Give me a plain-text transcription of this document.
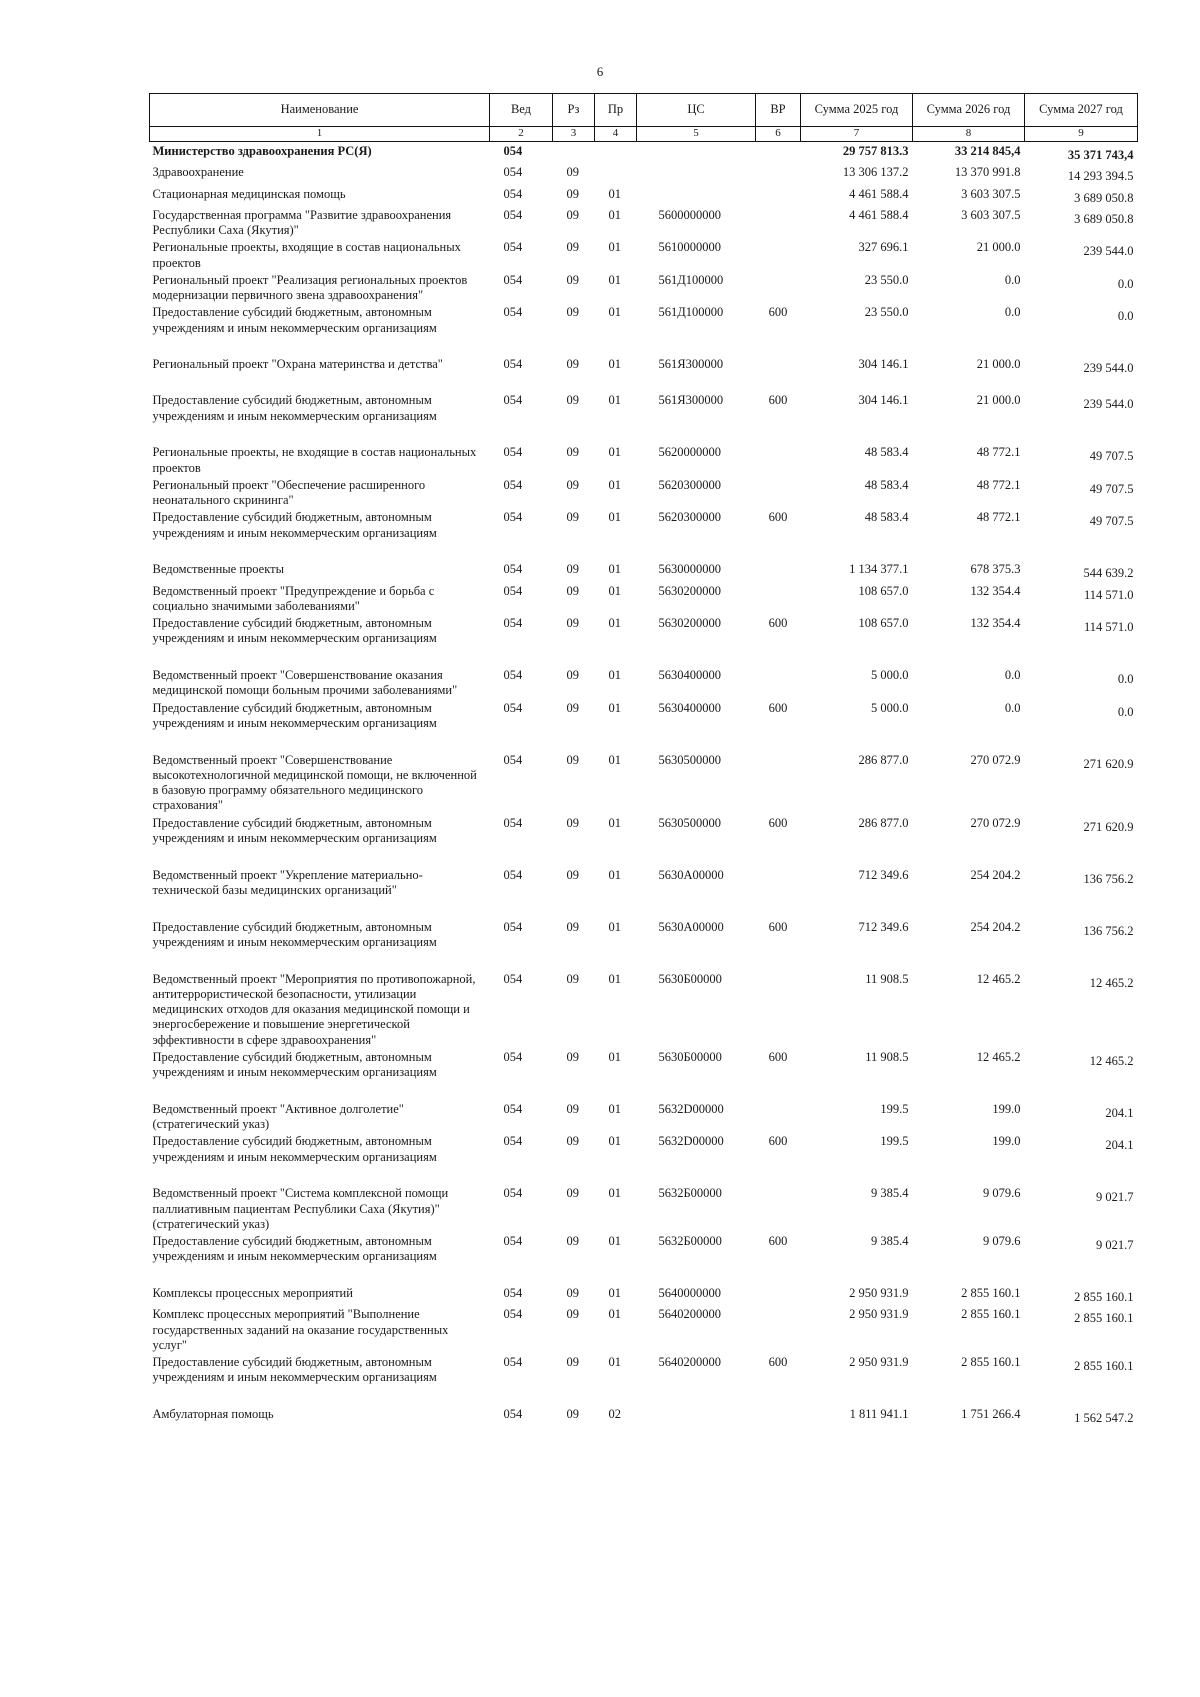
6
Наименование	Вед	Рз	Пр	ЦС	ВР	Сумма 2025 год	Сумма 2026 год	Сумма 2027 год
1	2	3	4	5	6	7	8	9
Министерство здравоохранения РС(Я)	054					29 757 813.3	33 214 845,4	35 371 743,4
Здравоохранение	054	09				13 306 137.2	13 370 991.8	14 293 394.5
Стационарная медицинская помощь	054	09	01			4 461 588.4	3 603 307.5	3 689 050.8
Государственная программа "Развитие здравоохранения Республики Саха (Якутия)"	054	09	01	5600000000		4 461 588.4	3 603 307.5	3 689 050.8
Региональные проекты, входящие в состав национальных проектов	054	09	01	5610000000		327 696.1	21 000.0	239 544.0
Региональный проект "Реализация региональных проектов модернизации первичного звена здравоохранения"	054	09	01	561Д100000		23 550.0	0.0	0.0
Предоставление субсидий бюджетным, автономным учреждениям и иным некоммерческим организациям	054	09	01	561Д100000	600	23 550.0	0.0	0.0
Региональный проект "Охрана материнства и детства"	054	09	01	561Я300000		304 146.1	21 000.0	239 544.0
Предоставление субсидий бюджетным, автономным учреждениям и иным некоммерческим организациям	054	09	01	561Я300000	600	304 146.1	21 000.0	239 544.0
Региональные проекты, не входящие в состав национальных проектов	054	09	01	5620000000		48 583.4	48 772.1	49 707.5
Региональный проект "Обеспечение расширенного неонатального скрининга"	054	09	01	5620300000		48 583.4	48 772.1	49 707.5
Предоставление субсидий бюджетным, автономным учреждениям и иным некоммерческим организациям	054	09	01	5620300000	600	48 583.4	48 772.1	49 707.5
Ведомственные проекты	054	09	01	5630000000		1 134 377.1	678 375.3	544 639.2
Ведомственный проект "Предупреждение и борьба с социально значимыми заболеваниями"	054	09	01	5630200000		108 657.0	132 354.4	114 571.0
Предоставление субсидий бюджетным, автономным учреждениям и иным некоммерческим организациям	054	09	01	5630200000	600	108 657.0	132 354.4	114 571.0
Ведомственный проект "Совершенствование оказания медицинской помощи больным прочими заболеваниями"	054	09	01	5630400000		5 000.0	0.0	0.0
Предоставление субсидий бюджетным, автономным учреждениям и иным некоммерческим организациям	054	09	01	5630400000	600	5 000.0	0.0	0.0
Ведомственный проект "Совершенствование высокотехнологичной медицинской помощи, не включенной в базовую программу обязательного медицинского страхования"	054	09	01	5630500000		286 877.0	270 072.9	271 620.9
Предоставление субсидий бюджетным, автономным учреждениям и иным некоммерческим организациям	054	09	01	5630500000	600	286 877.0	270 072.9	271 620.9
Ведомственный проект "Укрепление материально-технической базы медицинских организаций"	054	09	01	5630А00000		712 349.6	254 204.2	136 756.2
Предоставление субсидий бюджетным, автономным учреждениям и иным некоммерческим организациям	054	09	01	5630А00000	600	712 349.6	254 204.2	136 756.2
Ведомственный проект "Мероприятия по противопожарной, антитеррористической безопасности, утилизации медицинских отходов для оказания медицинской помощи и энергосбережение и повышение энергетической эффективности в сфере здравоохранения"	054	09	01	5630Б00000		11 908.5	12 465.2	12 465.2
Предоставление субсидий бюджетным, автономным учреждениям и иным некоммерческим организациям	054	09	01	5630Б00000	600	11 908.5	12 465.2	12 465.2
Ведомственный проект "Активное долголетие" (стратегический указ)	054	09	01	5632D00000		199.5	199.0	204.1
Предоставление субсидий бюджетным, автономным учреждениям и иным некоммерческим организациям	054	09	01	5632D00000	600	199.5	199.0	204.1
Ведомственный проект "Система комплексной помощи паллиативным пациентам Республики Саха (Якутия)" (стратегический указ)	054	09	01	5632Б00000		9 385.4	9 079.6	9 021.7
Предоставление субсидий бюджетным, автономным учреждениям и иным некоммерческим организациям	054	09	01	5632Б00000	600	9 385.4	9 079.6	9 021.7
Комплексы процессных мероприятий	054	09	01	5640000000		2 950 931.9	2 855 160.1	2 855 160.1
Комплекс процессных мероприятий "Выполнение государственных заданий на оказание государственных услуг"	054	09	01	5640200000		2 950 931.9	2 855 160.1	2 855 160.1
Предоставление субсидий бюджетным, автономным учреждениям и иным некоммерческим организациям	054	09	01	5640200000	600	2 950 931.9	2 855 160.1	2 855 160.1
Амбулаторная помощь	054	09	02			1 811 941.1	1 751 266.4	1 562 547.2
